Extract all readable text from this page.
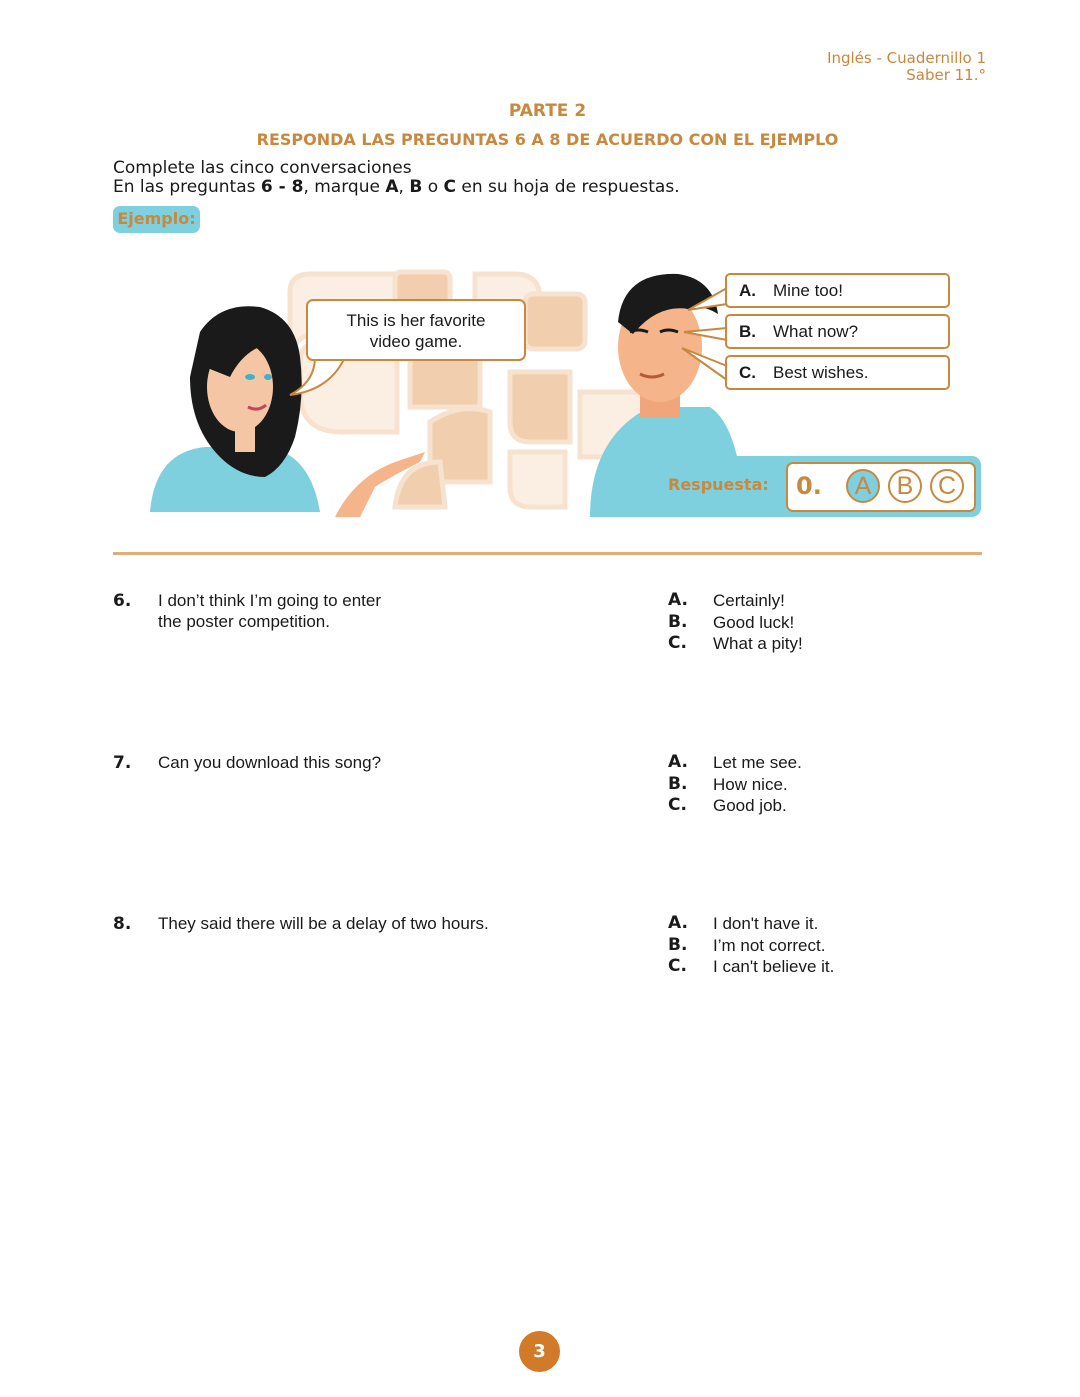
Inglés - Cuadernillo 1
Saber 11.°
PARTE 2
RESPONDA LAS PREGUNTAS 6 A 8 DE ACUERDO CON EL EJEMPLO
Complete las cinco conversaciones
En las preguntas 6 - 8, marque A, B o C en su hoja de respuestas.
Ejemplo:
This is her favorite
video game.
A. Mine too!
B. What now?
C. Best wishes.
Respuesta: 0.	A	B C
6. I don’t think I’m going to enter
the poster competition.
A. Certainly!
B. Good luck!
C. What a pity!
7. Can you download this song?	A. Let me see.
B. How nice.
C. Good job.
8. They said there will be a delay of two hours.	A. I don't have it.
B. I’m not correct.
C. I can't believe it.
3
